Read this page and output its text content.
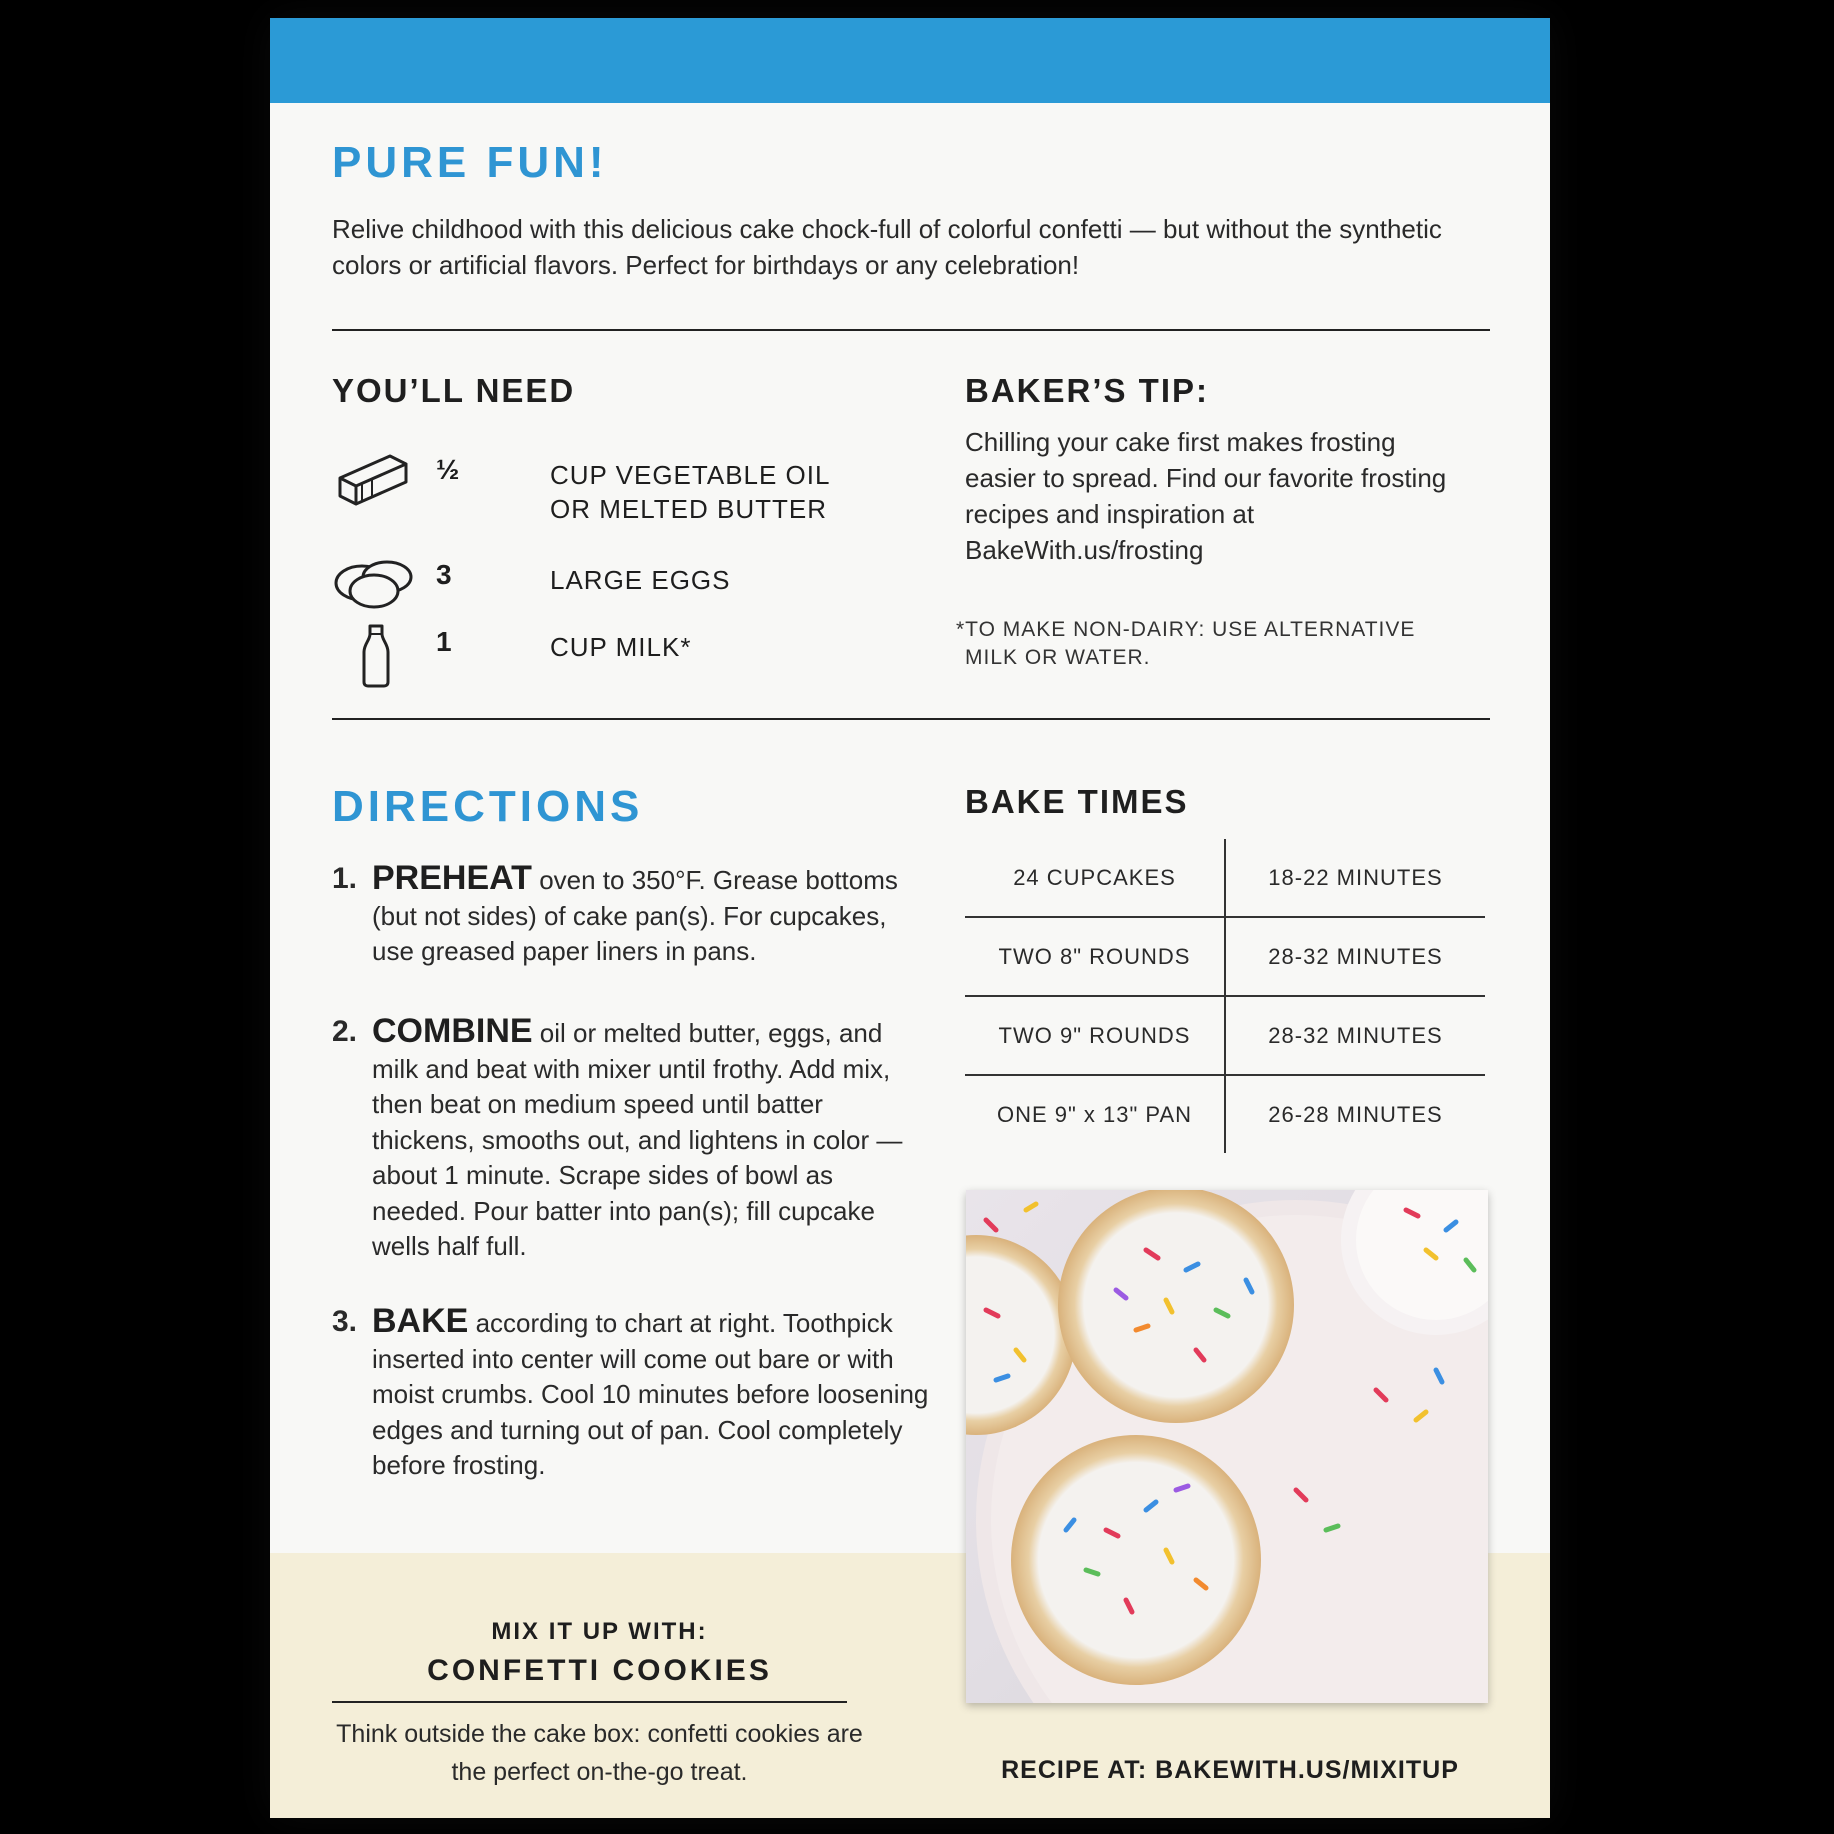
PURE FUN!

Relive childhood with this delicious cake chock-full of colorful confetti — but without the synthetic colors or artificial flavors. Perfect for birthdays or any celebration!

YOU’LL NEED
½	CUP VEGETABLE OIL
OR MELTED BUTTER
3	LARGE EGGS
1	CUP MILK*
BAKER’S TIP:

Chilling your cake first makes frosting easier to spread. Find our favorite frosting recipes and inspiration at BakeWith.us/frosting

*TO MAKE NON-DAIRY: USE ALTERNATIVE
MILK OR WATER.

DIRECTIONS
1. PREHEAT oven to 350°F. Grease bottoms (but not sides) of cake pan(s). For cupcakes, use greased paper liners in pans.
2. COMBINE oil or melted butter, eggs, and milk and beat with mixer until frothy. Add mix, then beat on medium speed until batter thickens, smooths out, and lightens in color — about 1 minute. Scrape sides of bowl as needed. Pour batter into pan(s); fill cupcake wells half full.
3. BAKE according to chart at right. Toothpick inserted into center will come out bare or with moist crumbs. Cool 10 minutes before loosening edges and turning out of pan. Cool completely before frosting.
BAKE TIMES
24 CUPCAKES	18-22 MINUTES
TWO 8" ROUNDS	28-32 MINUTES
TWO 9" ROUNDS	28-32 MINUTES
ONE 9" x 13" PAN	26-28 MINUTES

MIX IT UP WITH:

CONFETTI COOKIES

Think outside the cake box: confetti cookies are the perfect on-the-go treat.	RECIPE AT: BAKEWITH.US/MIXITUP
